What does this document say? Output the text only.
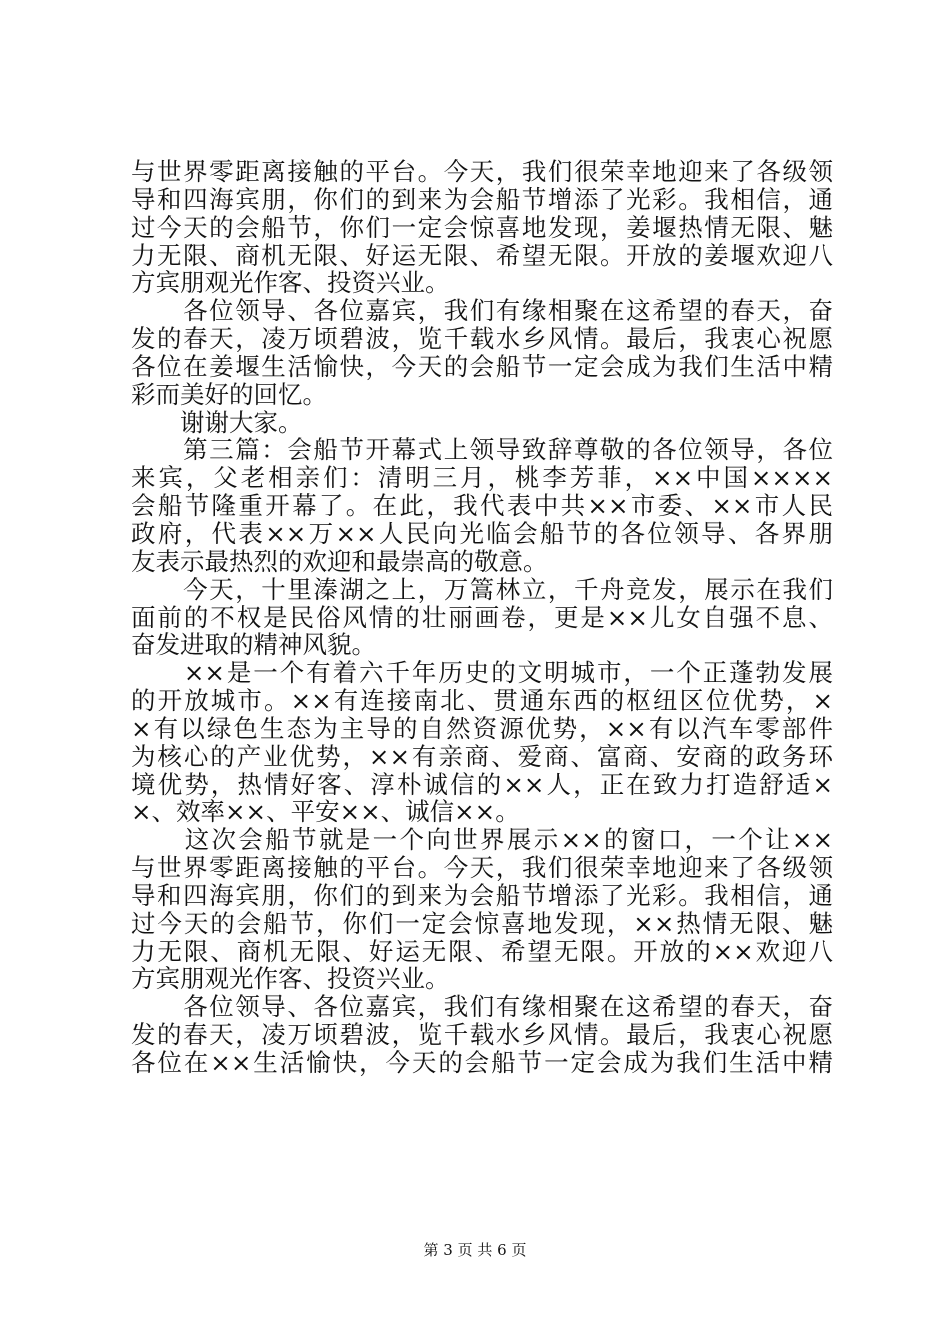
与世界零距离接触的平台。今天，我们很荣幸地迎来了各级领
导和四海宾朋，你们的到来为会船节增添了光彩。我相信，通
过今天的会船节，你们一定会惊喜地发现，姜堰热情无限、魅
力无限、商机无限、好运无限、希望无限。开放的姜堰欢迎八
方宾朋观光作客、投资兴业。
　　各位领导、各位嘉宾，我们有缘相聚在这希望的春天，奋
发的春天，凌万顷碧波，览千载水乡风情。最后，我衷心祝愿
各位在姜堰生活愉快，今天的会船节一定会成为我们生活中精
彩而美好的回忆。
　　谢谢大家。
　　第三篇：会船节开幕式上领导致辞尊敬的各位领导，各位
来宾，父老相亲们：清明三月，桃李芳菲，××中国××××
会船节隆重开幕了。在此，我代表中共××市委、××市人民
政府，代表××万××人民向光临会船节的各位领导、各界朋
友表示最热烈的欢迎和最崇高的敬意。
　　今天，十里溱湖之上，万篙林立，千舟竞发，展示在我们
面前的不权是民俗风情的壮丽画卷，更是××儿女自强不息、
奋发进取的精神风貌。
　　××是一个有着六千年历史的文明城市，一个正蓬勃发展
的开放城市。××有连接南北、贯通东西的枢纽区位优势，×
×有以绿色生态为主导的自然资源优势，××有以汽车零部件
为核心的产业优势，××有亲商、爱商、富商、安商的政务环
境优势，热情好客、淳朴诚信的××人，正在致力打造舒适×
×、效率××、平安××、诚信××。
　　这次会船节就是一个向世界展示××的窗口，一个让××
与世界零距离接触的平台。今天，我们很荣幸地迎来了各级领
导和四海宾朋，你们的到来为会船节增添了光彩。我相信，通
过今天的会船节，你们一定会惊喜地发现，××热情无限、魅
力无限、商机无限、好运无限、希望无限。开放的××欢迎八
方宾朋观光作客、投资兴业。
　　各位领导、各位嘉宾，我们有缘相聚在这希望的春天，奋
发的春天，凌万顷碧波，览千载水乡风情。最后，我衷心祝愿
各位在××生活愉快，今天的会船节一定会成为我们生活中精
第 3 页 共 6 页
